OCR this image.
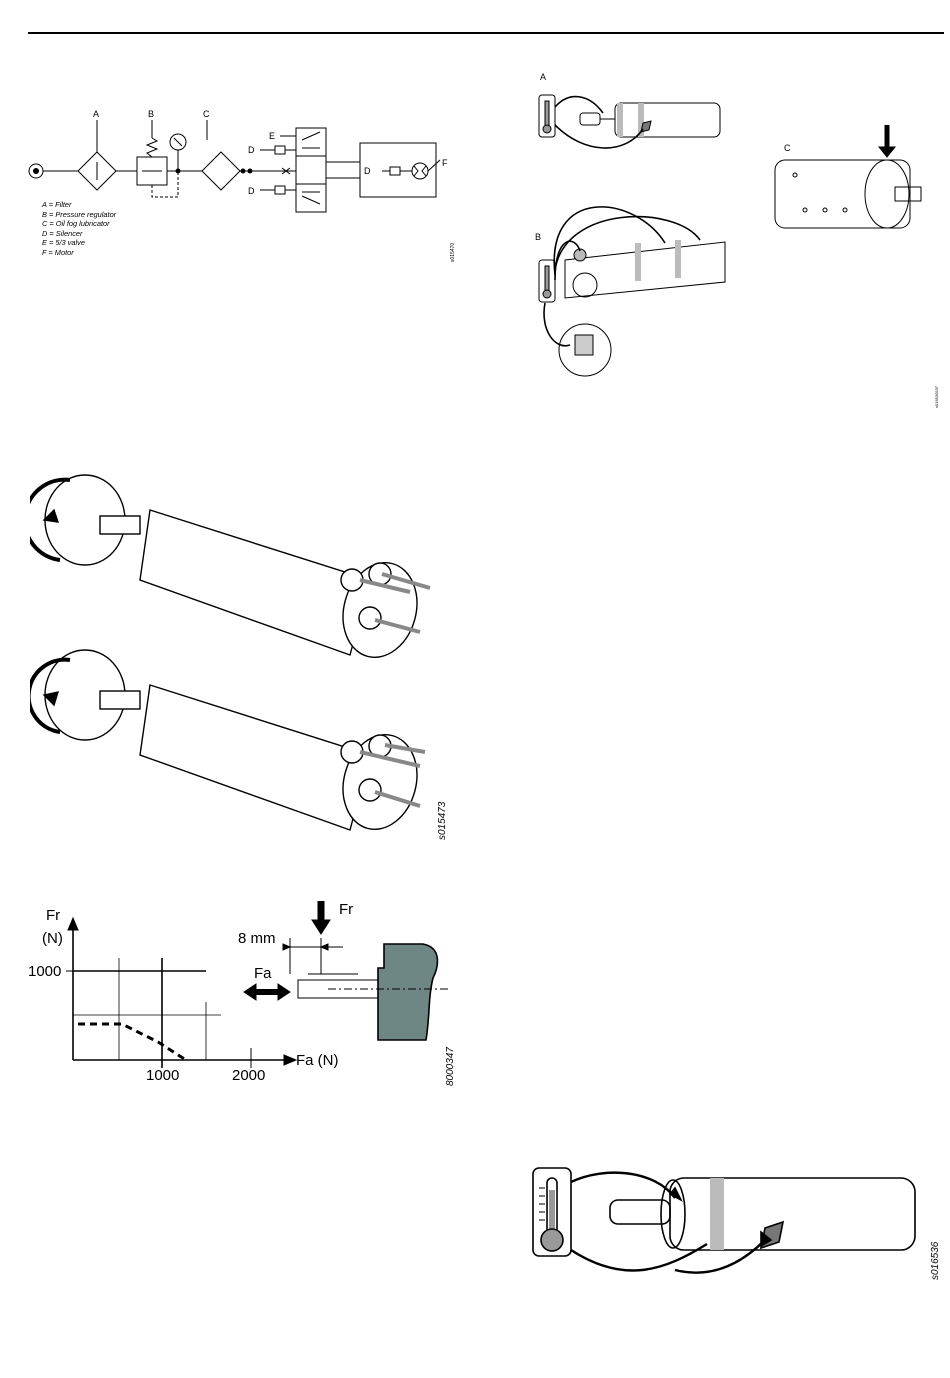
A	B	C
E
D
D
D
F
A = Filter
B = Pressure regulator
C = Oil fog lubricator
D = Silencer
E = 5/3 valve
F = Motor	s015470
A
B
C
s016530537
s015473
Fr
(N)
1000
1000	2000
Fa (N)
Fr
8 mm
Fa
8000347
s016536
